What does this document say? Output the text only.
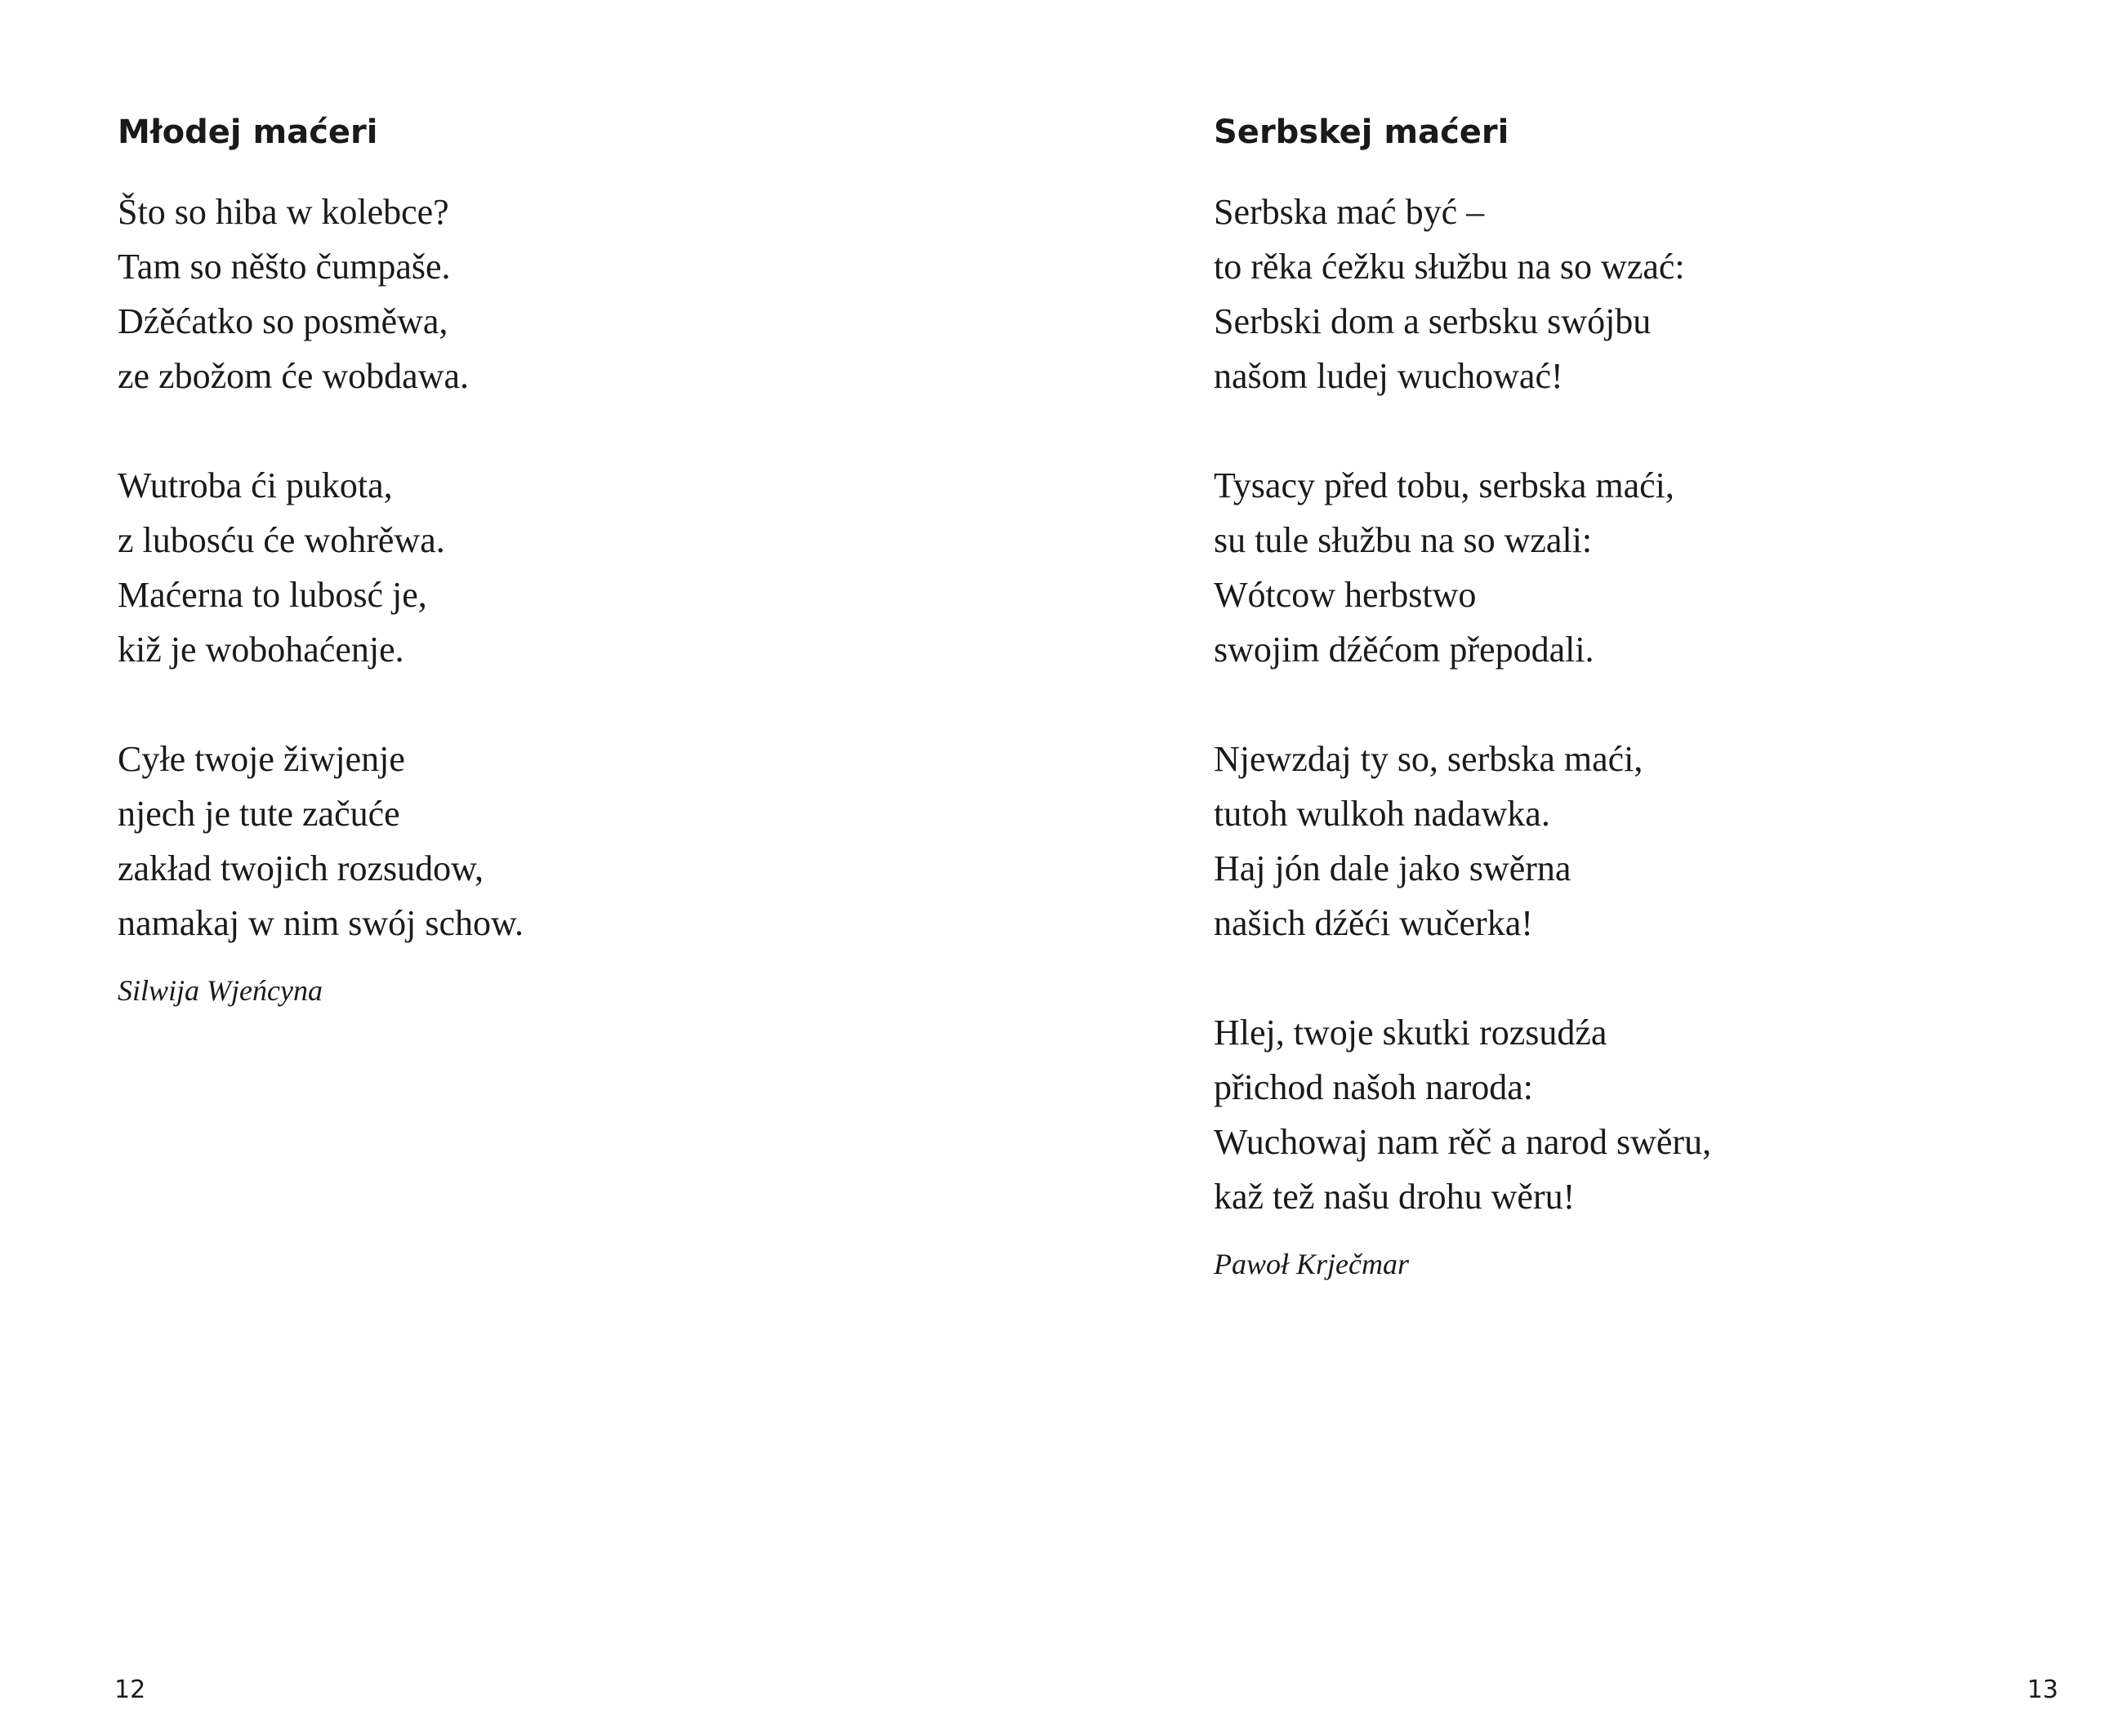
Młodej maćeri
Što so hiba w kolebce?
Tam so něšto čumpaše.
Dźěćatko so posměwa,
ze zbožom će wobdawa.
Wutroba ći pukota,
z lubosću će wohrěwa.
Maćerna to lubosć je,
kiž je wobohaćenje.
Cyłe twoje žiwjenje
njech je tute začuće
zakład twojich rozsudow,
namakaj w nim swój schow.

Silwija Wjeńcyna

12
Serbskej maćeri
Serbska mać być –
to rěka ćežku słužbu na so wzać:
Serbski dom a serbsku swójbu
našom ludej wuchować!
Tysacy před tobu, serbska maći,
su tule słužbu na so wzali:
Wótcow herbstwo
swojim dźěćom přepodali.
Njewzdaj ty so, serbska maći,
tutoh wulkoh nadawka.
Haj jón dale jako swěrna
našich dźěći wučerka!
Hlej, twoje skutki rozsudźa
přichod našoh naroda:
Wuchowaj nam rěč a narod swěru,
kaž tež našu drohu wěru!

Pawoł Krječmar

13
